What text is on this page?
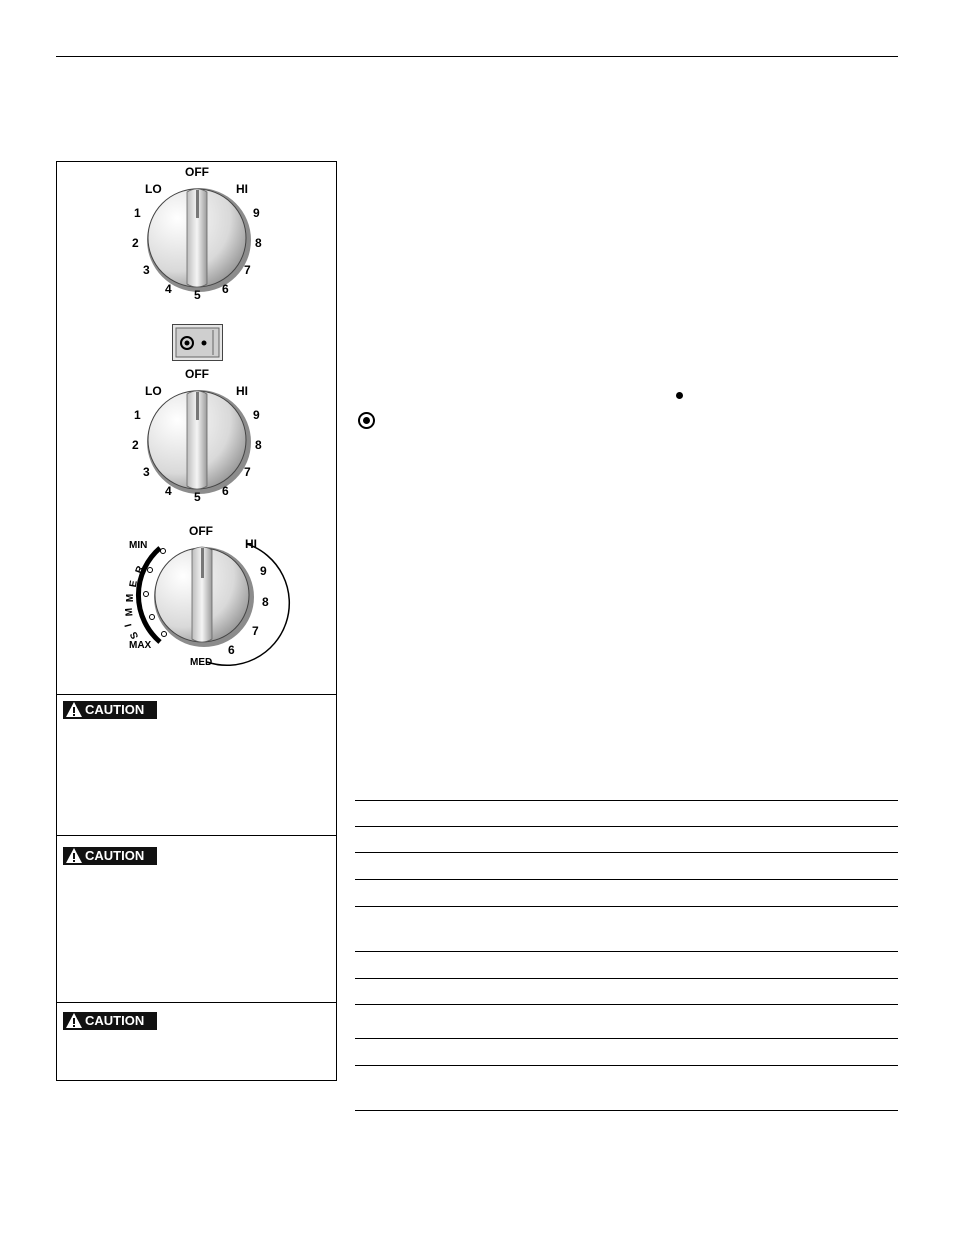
OFF
LO	HI
1
2
3
4 5 6
7
8
9
OFF
LO	HI
1
2
3
4 5 6
7
8
9
OFF
HI
9
8
7
6
MED
MIN
MAX
R
E
M
M
I
S
CAUTION
CAUTION
CAUTION
